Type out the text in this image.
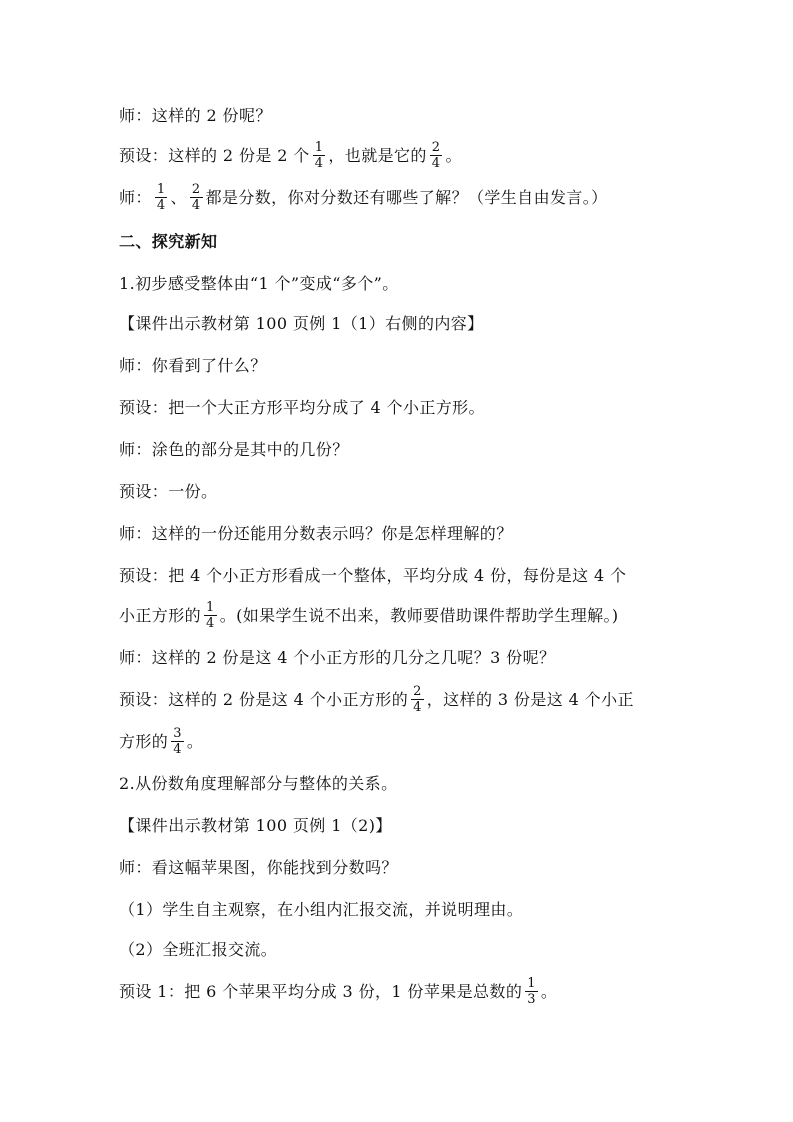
师：这样的 2 份呢？
预设：这样的 2 份是 2 个 $\frac{1}{4}$ ，也就是它的 $\frac{2}{4}$ 。
师： $\frac{1}{4}$ 、 $\frac{2}{4}$ 都是分数，你对分数还有哪些了解？（学生自由发言。）
二、探究新知
1.初步感受整体由“1 个”变成“多个”。
【课件出示教材第 100 页例 1（1）右侧的内容】
师：你看到了什么？
预设：把一个大正方形平均分成了 4 个小正方形。
师：涂色的部分是其中的几份？
预设：一份。
师：这样的一份还能用分数表示吗？你是怎样理解的？
预设：把 4 个小正方形看成一个整体，平均分成 4 份，每份是这 4 个
小正方形的 $\frac{1}{4}$ 。(如果学生说不出来，教师要借助课件帮助学生理解。)
师：这样的 2 份是这 4 个小正方形的几分之几呢？3 份呢？
预设：这样的 2 份是这 4 个小正方形的 $\frac{2}{4}$ ，这样的 3 份是这 4 个小正
方形的 $\frac{3}{4}$ 。
2.从份数角度理解部分与整体的关系。
【课件出示教材第 100 页例 1（2)】
师：看这幅苹果图，你能找到分数吗？
（1）学生自主观察，在小组内汇报交流，并说明理由。
（2）全班汇报交流。
预设 1：把 6 个苹果平均分成 3 份，1 份苹果是总数的 $\frac{1}{3}$ 。
